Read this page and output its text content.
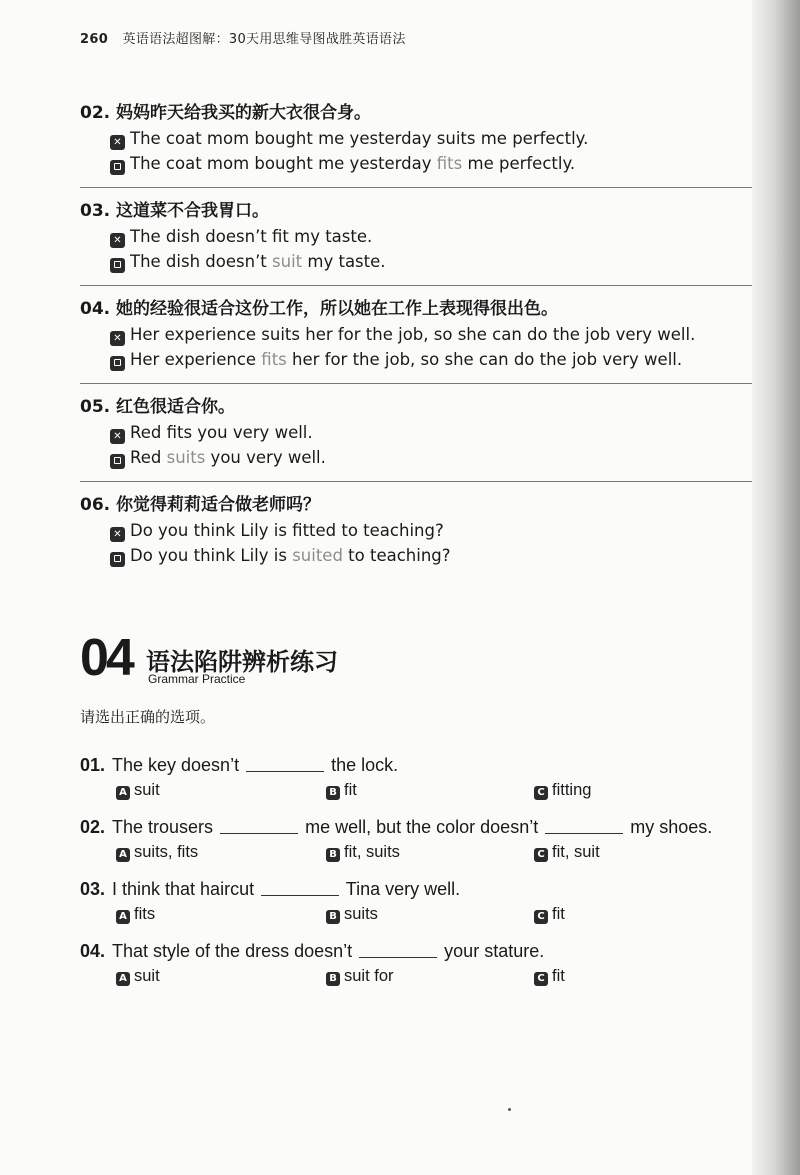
260 英语语法超图解：30天用思维导图战胜英语语法
02. 妈妈昨天给我买的新大衣很合身。
✕ The coat mom bought me yesterday suits me perfectly.
The coat mom bought me yesterday fits me perfectly.
03. 这道菜不合我胃口。
✕ The dish doesn’t fit my taste.
The dish doesn’t suit my taste.
04. 她的经验很适合这份工作，所以她在工作上表现得很出色。
✕ Her experience suits her for the job, so she can do the job very well.
Her experience fits her for the job, so she can do the job very well.
05. 红色很适合你。
✕ Red fits you very well.
Red suits you very well.
06. 你觉得莉莉适合做老师吗？
✕ Do you think Lily is fitted to teaching?
Do you think Lily is suited to teaching?
04 语法陷阱辨析练习
Grammar Practice
请选出正确的选项。
01. The key doesn’t	the lock.
A suit	B fit	C fitting
02. The trousers	me well, but the color doesn’t	my shoes.
A suits, fits	B fit, suits	C fit, suit
03. I think that haircut	Tina very well.
A fits	B suits	C fit
04. That style of the dress doesn’t	your stature.
A suit	B suit for	C fit
